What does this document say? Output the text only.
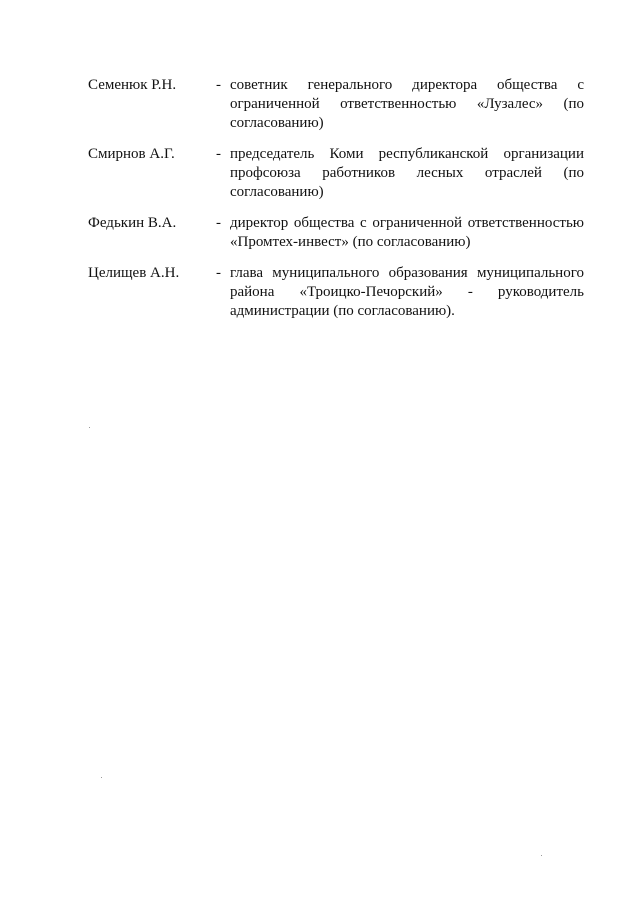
Семенюк Р.Н.	- советник генерального директора общества с ограниченной ответственностью «Лузалес» (по согласованию)
Смирнов А.Г.	- председатель Коми республиканской организации профсоюза работников лесных отраслей (по согласованию)
Федькин В.А.	- директор общества с ограниченной ответственностью «Промтех-инвест» (по согласованию)
Целищев А.Н.	- глава муниципального образования муниципального района «Троицко-Печорский» - руководитель администрации (по согласованию).
